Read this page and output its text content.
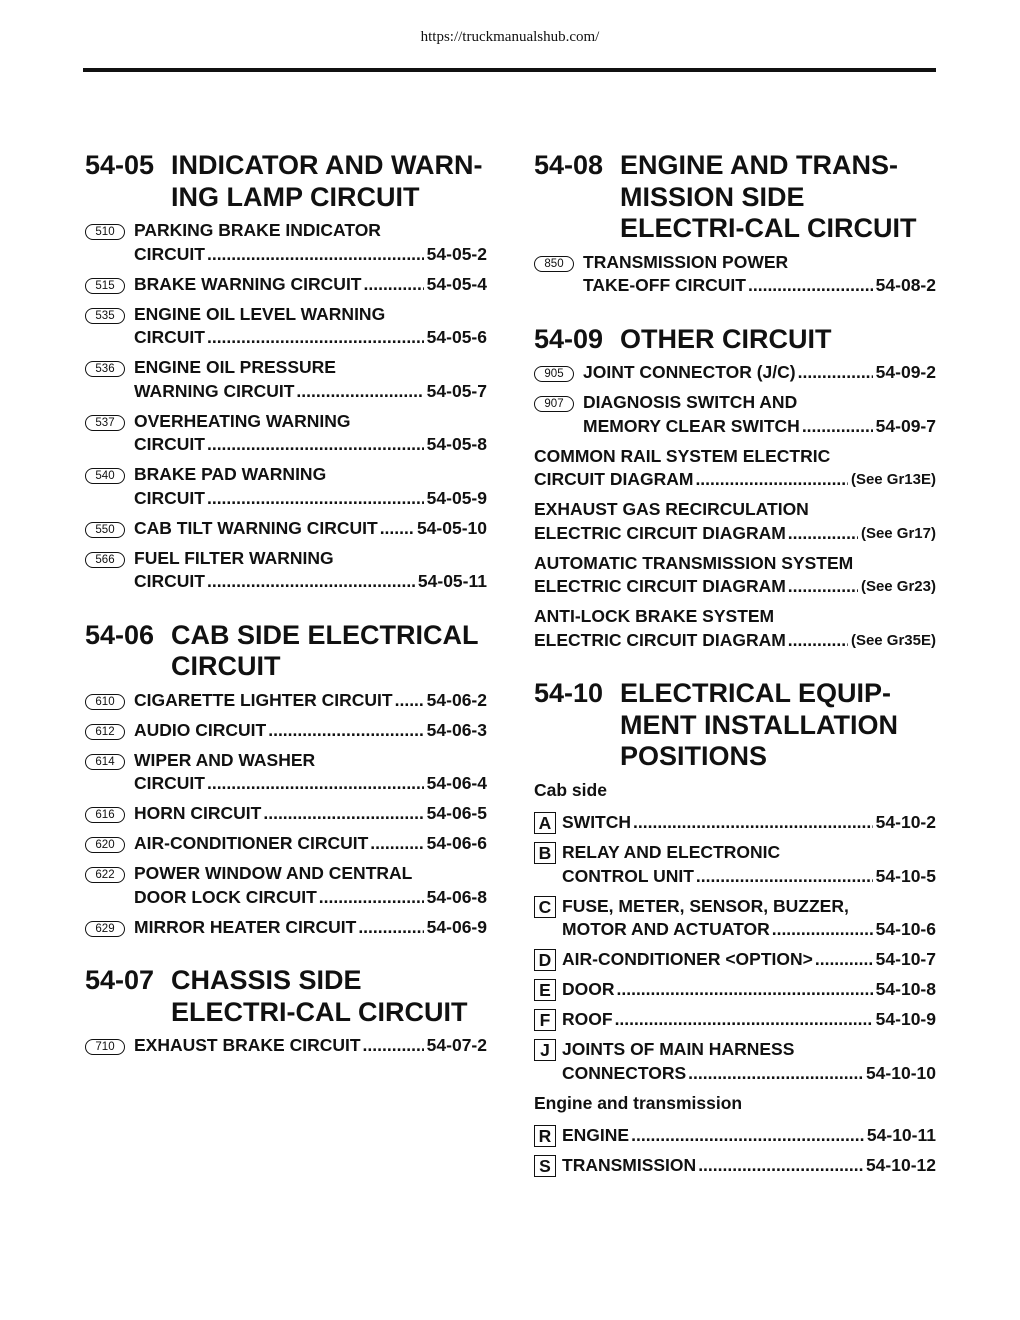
https://truckmanualshub.com/
54-05 INDICATOR AND WARN-ING LAMP CIRCUIT
510	PARKING BRAKE INDICATOR
CIRCUIT .....	54-05-2
515	BRAKE WARNING CIRCUIT .....	54-05-4
535	ENGINE OIL LEVEL WARNING
CIRCUIT .....	54-05-6
536	ENGINE OIL PRESSURE
WARNING CIRCUIT .....	54-05-7
537	OVERHEATING WARNING
CIRCUIT .....	54-05-8
540	BRAKE PAD WARNING
CIRCUIT .....	54-05-9
550	CAB TILT WARNING CIRCUIT ..... 54-05-10
566	FUEL FILTER WARNING
CIRCUIT .....	54-05-11
54-06 CAB SIDE ELECTRICAL CIRCUIT
610	CIGARETTE LIGHTER CIRCUIT ..... 54-06-2
612	AUDIO CIRCUIT .....	54-06-3
614	WIPER AND WASHER
CIRCUIT .....	54-06-4
616	HORN CIRCUIT .....	54-06-5
620	AIR-CONDITIONER CIRCUIT .....	54-06-6
622	POWER WINDOW AND CENTRAL
DOOR LOCK CIRCUIT .....	54-06-8
629	MIRROR HEATER CIRCUIT .....	54-06-9
54-07 CHASSIS SIDE ELECTRI-CAL CIRCUIT
710	EXHAUST BRAKE CIRCUIT .....	54-07-2
54-08 ENGINE AND TRANS-MISSION SIDE ELECTRI-CAL CIRCUIT
850	TRANSMISSION POWER
TAKE-OFF CIRCUIT .....	54-08-2
54-09 OTHER CIRCUIT
905	JOINT CONNECTOR (J/C) .....	54-09-2
907	DIAGNOSIS SWITCH AND
MEMORY CLEAR SWITCH .....	54-09-7
COMMON RAIL SYSTEM ELECTRIC
CIRCUIT DIAGRAM .....	(See Gr13E)
EXHAUST GAS RECIRCULATION
ELECTRIC CIRCUIT DIAGRAM .....	(See Gr17)
AUTOMATIC TRANSMISSION SYSTEM
ELECTRIC CIRCUIT DIAGRAM .....	(See Gr23)
ANTI-LOCK BRAKE SYSTEM
ELECTRIC CIRCUIT DIAGRAM .....	(See Gr35E)
54-10 ELECTRICAL EQUIP-MENT INSTALLATION POSITIONS
Cab side
A SWITCH .....	54-10-2
B RELAY AND ELECTRONIC
CONTROL UNIT .....	54-10-5
C FUSE, METER, SENSOR, BUZZER,
MOTOR AND ACTUATOR .....	54-10-6
D AIR-CONDITIONER <OPTION> .....	54-10-7
E DOOR .....	54-10-8
F ROOF .....	54-10-9
J JOINTS OF MAIN HARNESS
CONNECTORS .....	54-10-10
Engine and transmission
R ENGINE .....	54-10-11
S TRANSMISSION .....	54-10-12
